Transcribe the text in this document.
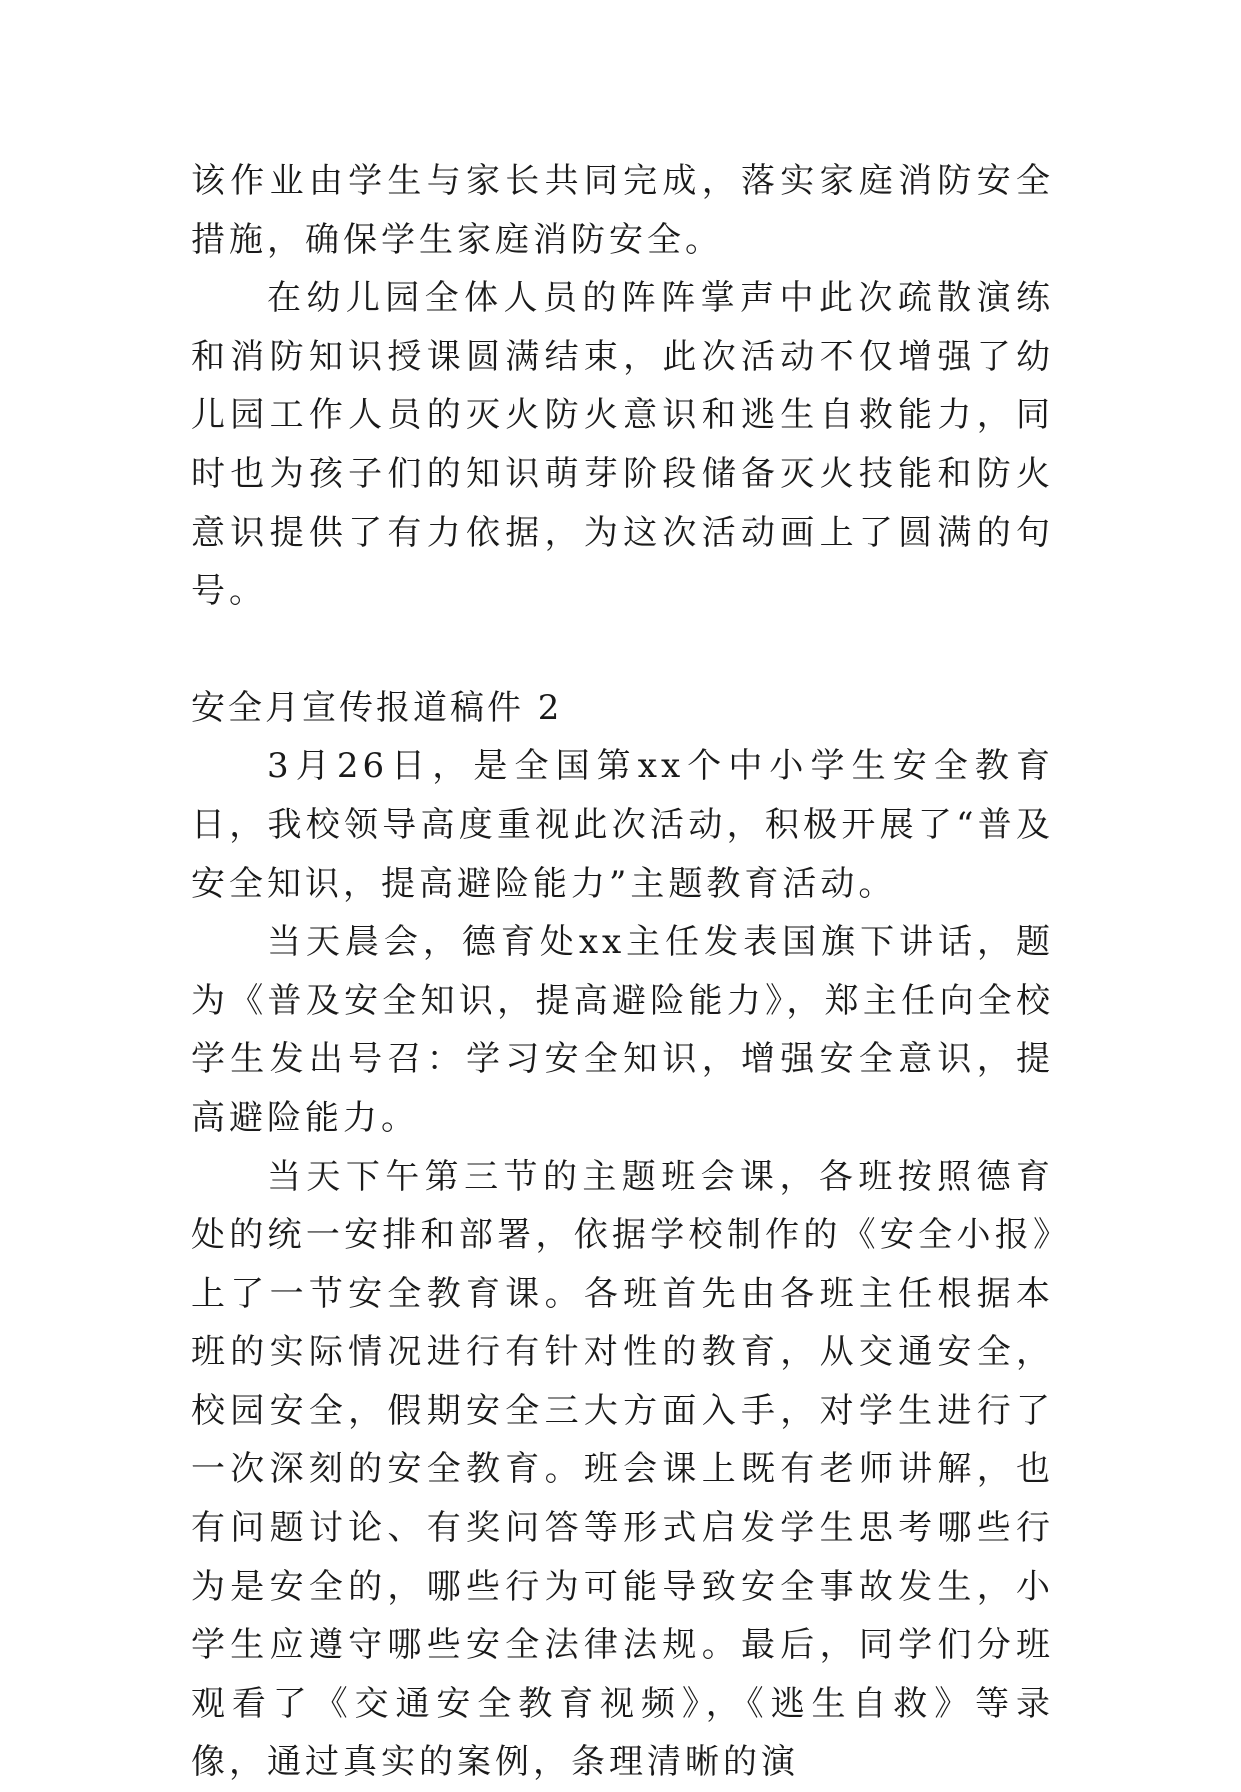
该作业由学生与家长共同完成，落实家庭消防安全措施，确保学生家庭消防安全。

在幼儿园全体人员的阵阵掌声中此次疏散演练和消防知识授课圆满结束，此次活动不仅增强了幼儿园工作人员的灭火防火意识和逃生自救能力，同时也为孩子们的知识萌芽阶段储备灭火技能和防火意识提供了有力依据，为这次活动画上了圆满的句号。

安全月宣传报道稿件 2

3月26日，是全国第xx个中小学生安全教育日，我校领导高度重视此次活动，积极开展了“普及安全知识，提高避险能力”主题教育活动。

当天晨会，德育处xx主任发表国旗下讲话，题为《普及安全知识，提高避险能力》，郑主任向全校学生发出号召：学习安全知识，增强安全意识，提高避险能力。

当天下午第三节的主题班会课，各班按照德育处的统一安排和部署，依据学校制作的《安全小报》上了一节安全教育课。各班首先由各班主任根据本班的实际情况进行有针对性的教育，从交通安全，校园安全，假期安全三大方面入手，对学生进行了一次深刻的安全教育。班会课上既有老师讲解，也有问题讨论、有奖问答等形式启发学生思考哪些行为是安全的，哪些行为可能导致安全事故发生，小学生应遵守哪些安全法律法规。最后，同学们分班观看了《交通安全教育视频》，《逃生自救》等录像，通过真实的案例，条理清晰的演
